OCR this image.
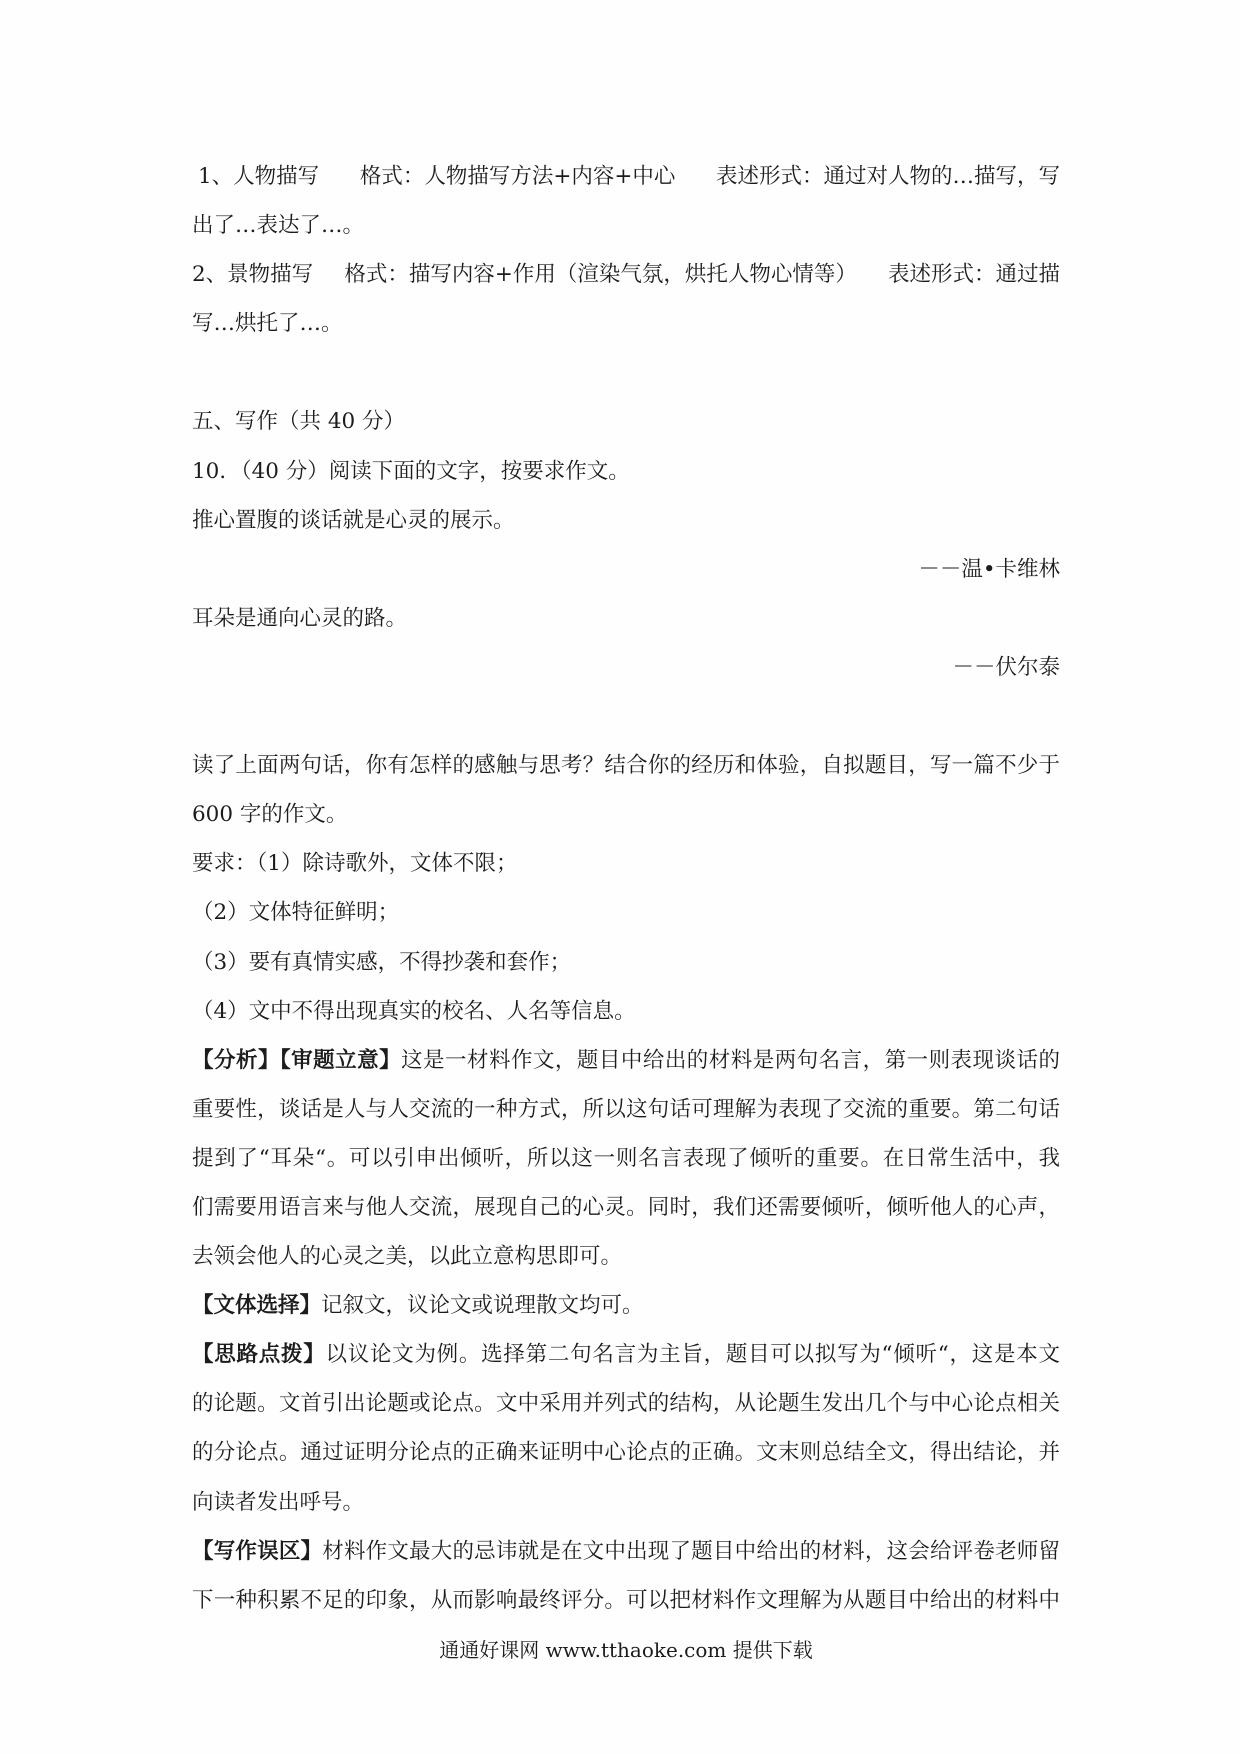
1、人物描写 格式：人物描写方法+内容+中心 表述形式：通过对人物的…描写，写
出了…表达了…。
2、景物描写 格式：描写内容+作用（渲染气氛，烘托人物心情等） 表述形式：通过描
写…烘托了…。
五、写作（共 40 分）
10．（40 分）阅读下面的文字，按要求作文。
推心置腹的谈话就是心灵的展示。
－－温•卡维林
耳朵是通向心灵的路。
－－伏尔泰
读了上面两句话，你有怎样的感触与思考？结合你的经历和体验，自拟题目，写一篇不少于
600 字的作文。
要求：（1）除诗歌外，文体不限；
（2）文体特征鲜明；
（3）要有真情实感，不得抄袭和套作；
（4）文中不得出现真实的校名、人名等信息。
【分析】【审题立意】这是一材料作文，题目中给出的材料是两句名言，第一则表现谈话的
重要性，谈话是人与人交流的一种方式，所以这句话可理解为表现了交流的重要。第二句话
提到了“耳朵“。可以引申出倾听，所以这一则名言表现了倾听的重要。在日常生活中，我
们需要用语言来与他人交流，展现自己的心灵。同时，我们还需要倾听，倾听他人的心声，
去领会他人的心灵之美，以此立意构思即可。
【文体选择】记叙文，议论文或说理散文均可。
【思路点拨】以议论文为例。选择第二句名言为主旨，题目可以拟写为“倾听“，这是本文
的论题。文首引出论题或论点。文中采用并列式的结构，从论题生发出几个与中心论点相关
的分论点。通过证明分论点的正确来证明中心论点的正确。文末则总结全文，得出结论，并
向读者发出呼号。
【写作误区】材料作文最大的忌讳就是在文中出现了题目中给出的材料，这会给评卷老师留
下一种积累不足的印象，从而影响最终评分。可以把材料作文理解为从题目中给出的材料中
通通好课网 www.tthaoke.com 提供下载
